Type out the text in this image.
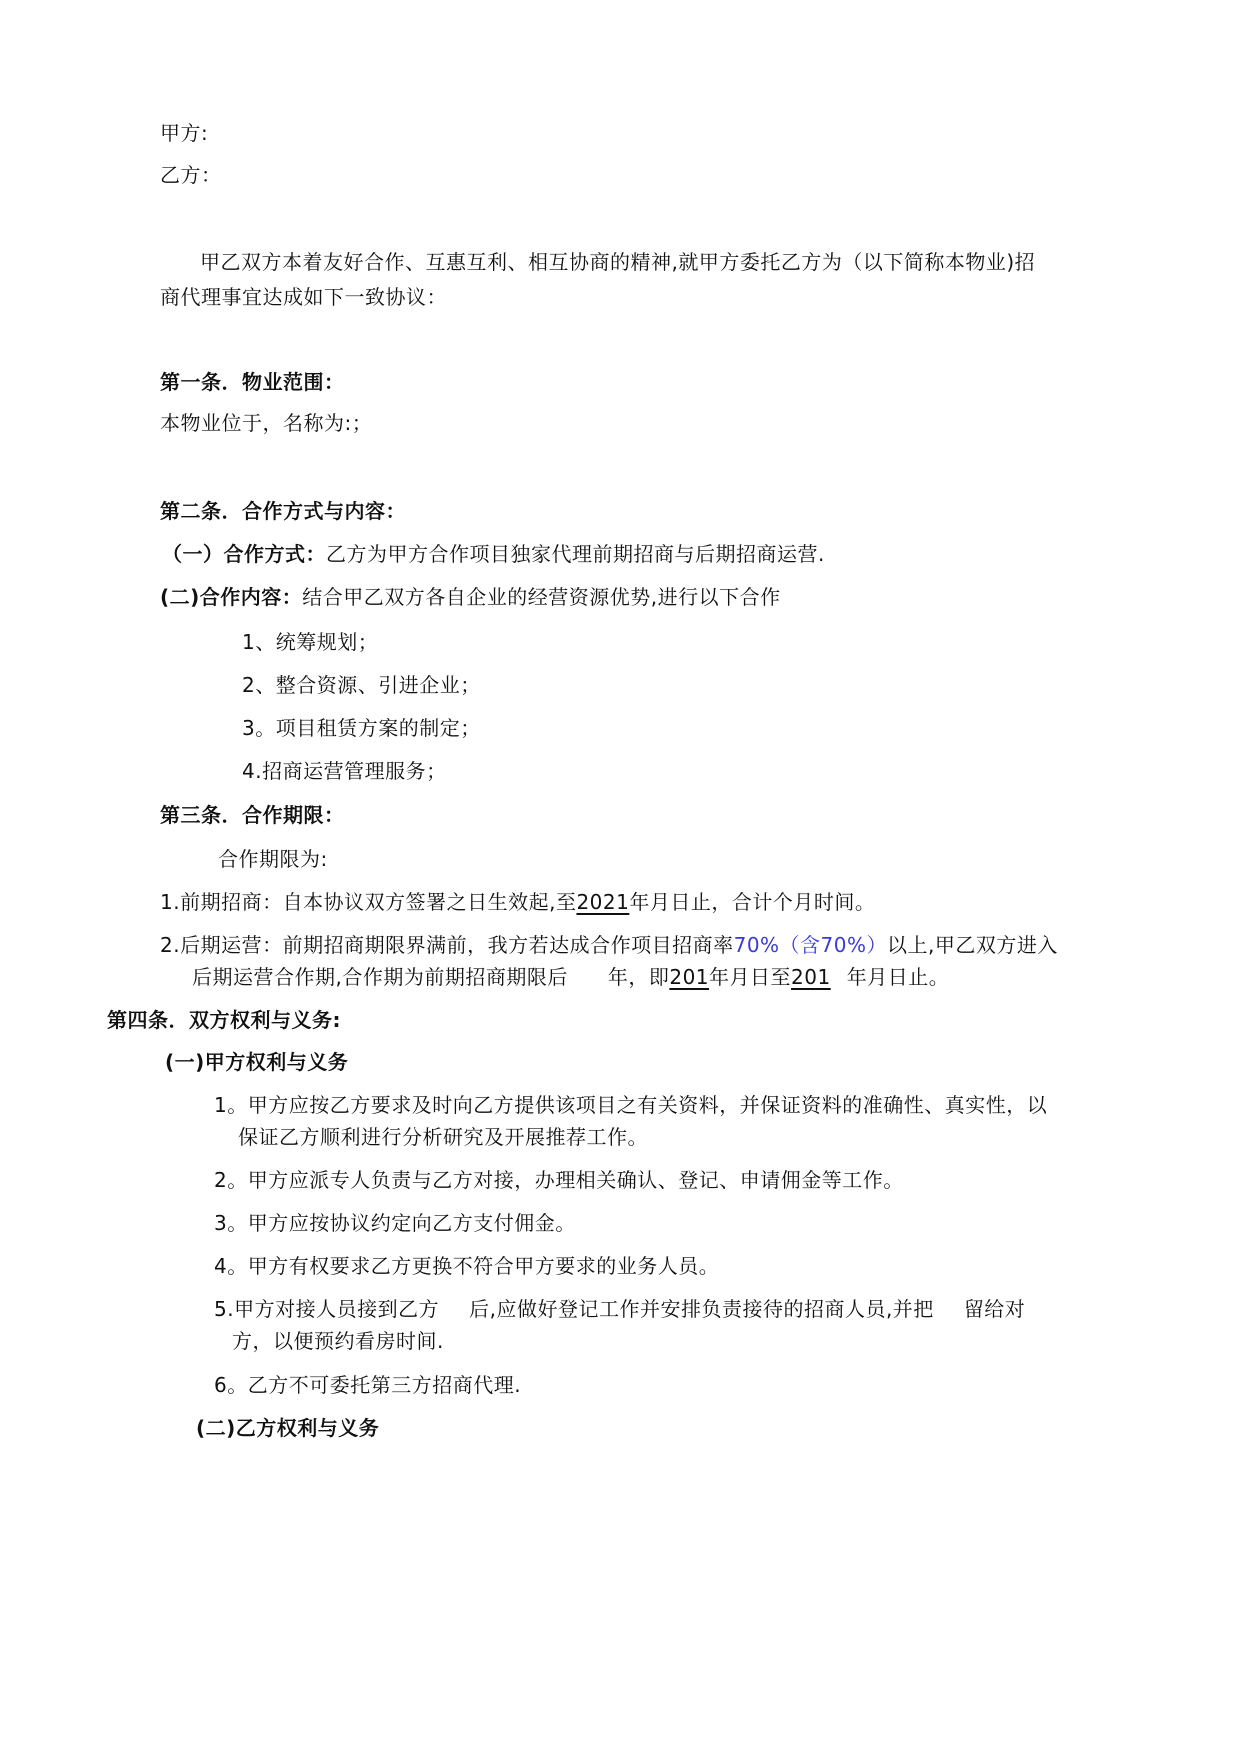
甲方:
乙方：
甲乙双方本着友好合作、互惠互利、相互协商的精神,就甲方委托乙方为（以下简称本物业)招
商代理事宜达成如下一致协议：
第一条．物业范围：
本物业位于，名称为:；
第二条．合作方式与内容：
（一）合作方式：乙方为甲方合作项目独家代理前期招商与后期招商运营.
(二)合作内容：结合甲乙双方各自企业的经营资源优势,进行以下合作
1、统筹规划；
2、整合资源、引进企业；
3。项目租赁方案的制定；
4.招商运营管理服务；
第三条．合作期限：
合作期限为:
1.前期招商：自本协议双方签署之日生效起,至2021年月日止，合计个月时间。
2.后期运营：前期招商期限界满前，我方若达成合作项目招商率70%（含70%）以上,甲乙双方进入
后期运营合作期,合作期为前期招商期限后 年，即201年月日至201 年月日止。
第四条．双方权利与义务:
(一)甲方权利与义务
1。甲方应按乙方要求及时向乙方提供该项目之有关资料，并保证资料的准确性、真实性，以
保证乙方顺利进行分析研究及开展推荐工作。
2。甲方应派专人负责与乙方对接，办理相关确认、登记、申请佣金等工作。
3。甲方应按协议约定向乙方支付佣金。
4。甲方有权要求乙方更换不符合甲方要求的业务人员。
5.甲方对接人员接到乙方 后,应做好登记工作并安排负责接待的招商人员,并把 留给对
方，以便预约看房时间.
6。乙方不可委托第三方招商代理.
(二)乙方权利与义务
